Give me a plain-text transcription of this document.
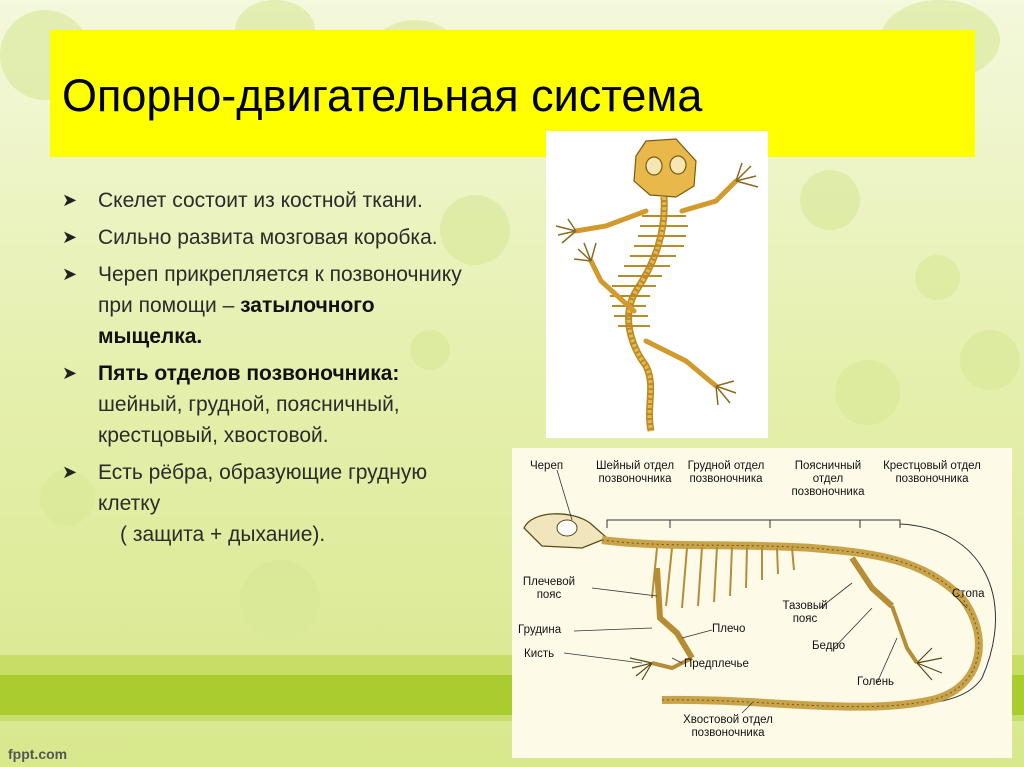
Опорно-двигательная система
➤ Скелет состоит из костной ткани.
➤ Сильно развита мозговая коробка.
➤ Череп прикрепляется к позвоночнику при помощи – затылочного мыщелка.
➤ Пять отделов позвоночника: шейный, грудной, поясничный, крестцовый, хвостовой.
➤ Есть рёбра, образующие грудную клетку
( защита + дыхание).
Череп	Шейный отдел позвоночника
Грудной отдел позвоночника
Поясничный отдел позвоночника
Крестцовый отдел позвоночника
Плечевой пояс
Грудина
Кисть
Плечо
Предплечье
Тазовый пояс
Бедро
Стопа
Голень
Хвостовой отдел позвоночника
fppt.com
